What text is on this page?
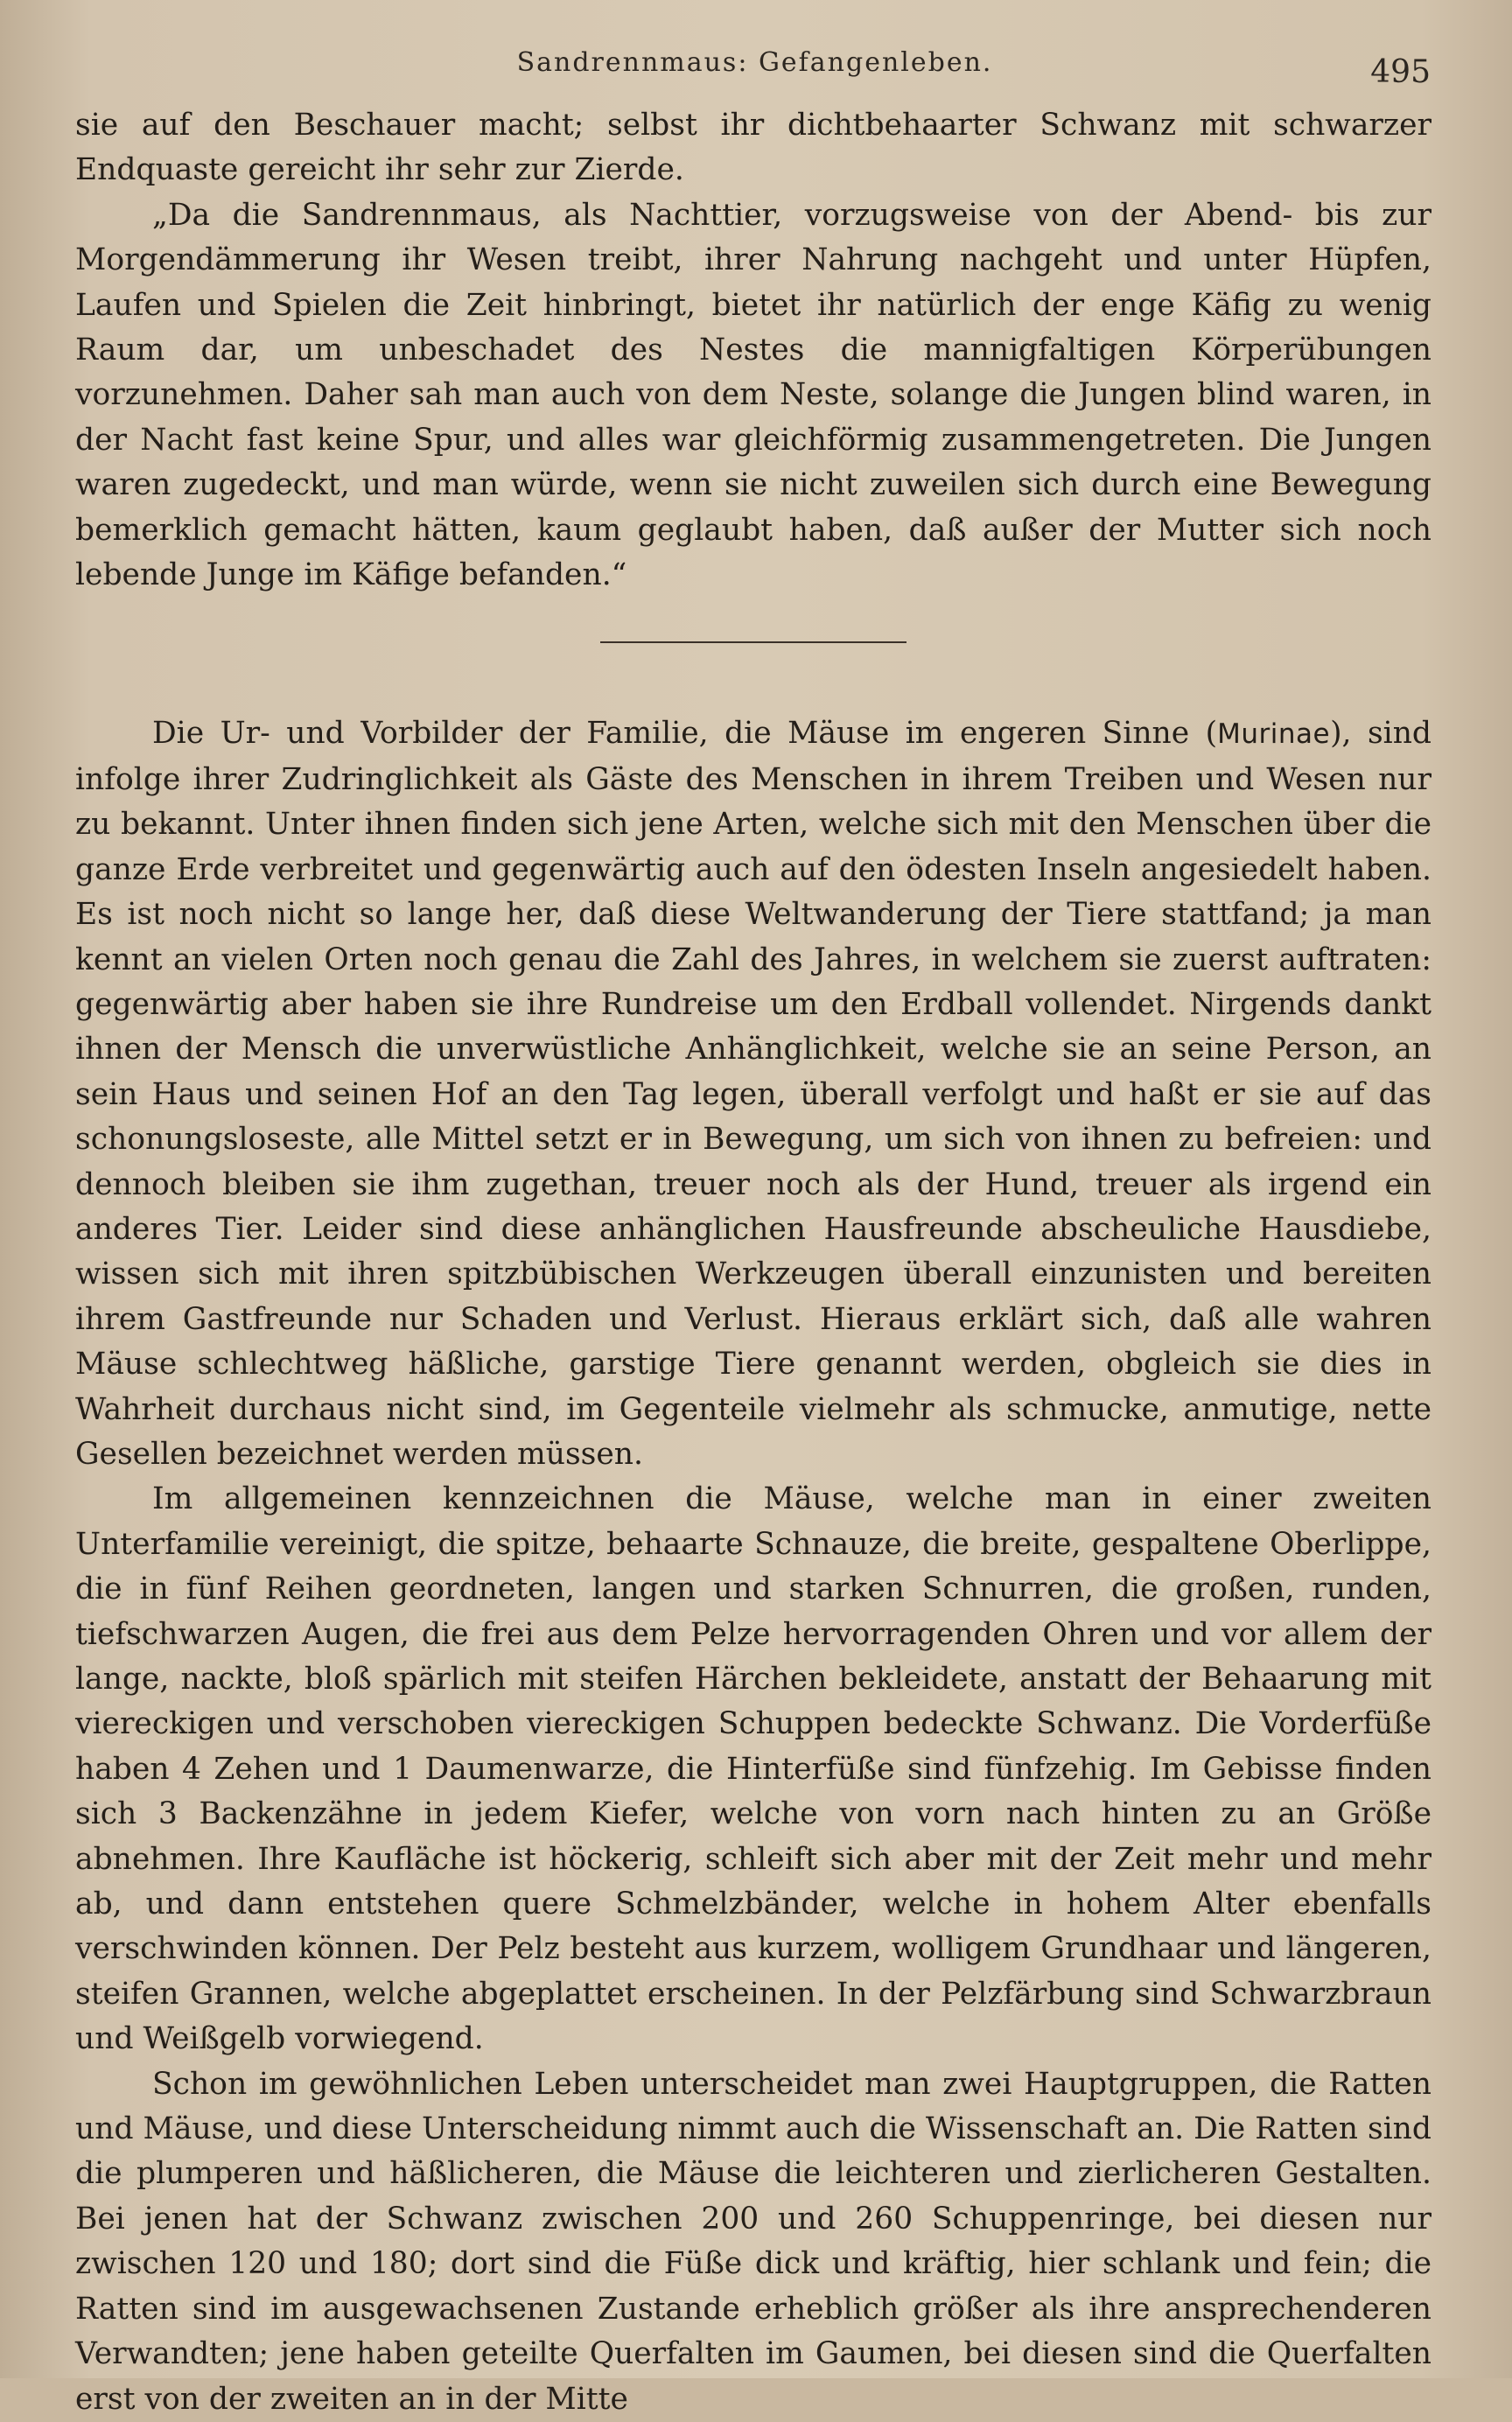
Sandrennmaus: Gefangenleben.	495

sie auf den Beschauer macht; selbst ihr dichtbehaarter Schwanz mit schwarzer Endquaste gereicht ihr sehr zur Zierde.

„Da die Sandrennmaus, als Nachttier, vorzugsweise von der Abend- bis zur Morgendämmerung ihr Wesen treibt, ihrer Nahrung nachgeht und unter Hüpfen, Laufen und Spielen die Zeit hinbringt, bietet ihr natürlich der enge Käfig zu wenig Raum dar, um unbeschadet des Nestes die mannigfaltigen Körperübungen vorzunehmen. Daher sah man auch von dem Neste, solange die Jungen blind waren, in der Nacht fast keine Spur, und alles war gleichförmig zusammengetreten. Die Jungen waren zugedeckt, und man würde, wenn sie nicht zuweilen sich durch eine Bewegung bemerklich gemacht hätten, kaum geglaubt haben, daß außer der Mutter sich noch lebende Junge im Käfige befanden.“

Die Ur- und Vorbilder der Familie, die Mäuse im engeren Sinne (Murinae), sind infolge ihrer Zudringlichkeit als Gäste des Menschen in ihrem Treiben und Wesen nur zu bekannt. Unter ihnen finden sich jene Arten, welche sich mit den Menschen über die ganze Erde verbreitet und gegenwärtig auch auf den ödesten Inseln angesiedelt haben. Es ist noch nicht so lange her, daß diese Weltwanderung der Tiere stattfand; ja man kennt an vielen Orten noch genau die Zahl des Jahres, in welchem sie zuerst auftraten: gegenwärtig aber haben sie ihre Rundreise um den Erdball vollendet. Nirgends dankt ihnen der Mensch die unverwüstliche Anhänglichkeit, welche sie an seine Person, an sein Haus und seinen Hof an den Tag legen, überall verfolgt und haßt er sie auf das schonungsloseste, alle Mittel setzt er in Bewegung, um sich von ihnen zu befreien: und dennoch bleiben sie ihm zugethan, treuer noch als der Hund, treuer als irgend ein anderes Tier. Leider sind diese anhänglichen Hausfreunde abscheuliche Hausdiebe, wissen sich mit ihren spitzbübischen Werkzeugen überall einzunisten und bereiten ihrem Gastfreunde nur Schaden und Verlust. Hieraus erklärt sich, daß alle wahren Mäuse schlechtweg häßliche, garstige Tiere genannt werden, obgleich sie dies in Wahrheit durchaus nicht sind, im Gegenteile vielmehr als schmucke, anmutige, nette Gesellen bezeichnet werden müssen.

Im allgemeinen kennzeichnen die Mäuse, welche man in einer zweiten Unterfamilie vereinigt, die spitze, behaarte Schnauze, die breite, gespaltene Oberlippe, die in fünf Reihen geordneten, langen und starken Schnurren, die großen, runden, tiefschwarzen Augen, die frei aus dem Pelze hervorragenden Ohren und vor allem der lange, nackte, bloß spärlich mit steifen Härchen bekleidete, anstatt der Behaarung mit viereckigen und verschoben viereckigen Schuppen bedeckte Schwanz. Die Vorderfüße haben 4 Zehen und 1 Daumenwarze, die Hinterfüße sind fünfzehig. Im Gebisse finden sich 3 Backenzähne in jedem Kiefer, welche von vorn nach hinten zu an Größe abnehmen. Ihre Kaufläche ist höckerig, schleift sich aber mit der Zeit mehr und mehr ab, und dann entstehen quere Schmelzbänder, welche in hohem Alter ebenfalls verschwinden können. Der Pelz besteht aus kurzem, wolligem Grundhaar und längeren, steifen Grannen, welche abgeplattet erscheinen. In der Pelzfärbung sind Schwarzbraun und Weißgelb vorwiegend.

Schon im gewöhnlichen Leben unterscheidet man zwei Hauptgruppen, die Ratten und Mäuse, und diese Unterscheidung nimmt auch die Wissenschaft an. Die Ratten sind die plumperen und häßlicheren, die Mäuse die leichteren und zierlicheren Gestalten. Bei jenen hat der Schwanz zwischen 200 und 260 Schuppenringe, bei diesen nur zwischen 120 und 180; dort sind die Füße dick und kräftig, hier schlank und fein; die Ratten sind im ausgewachsenen Zustande erheblich größer als ihre ansprechenderen Verwandten; jene haben geteilte Querfalten im Gaumen, bei diesen sind die Querfalten erst von der zweiten an in der Mitte
